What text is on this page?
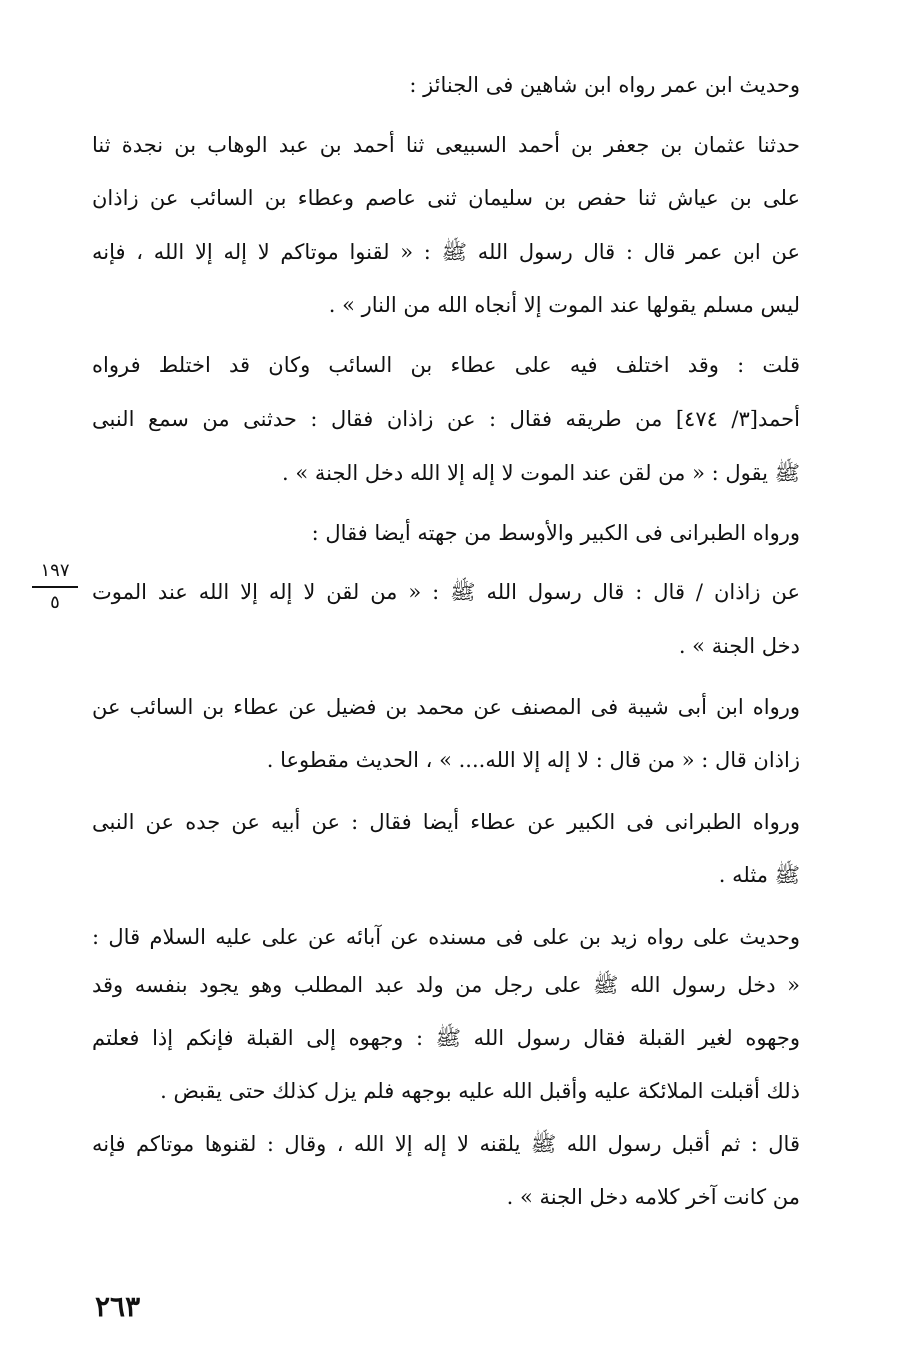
وحديث ابن عمر رواه ابن شاهين فى الجنائز :
حدثنا عثمان بن جعفر بن أحمد السبيعى ثنا أحمد بن عبد الوهاب بن نجدة ثنا
على بن عياش ثنا حفص بن سليمان ثنى عاصم وعطاء بن السائب عن زاذان
عن ابن عمر قال : قال رسول الله ﷺ : « لقنوا موتاكم لا إله إلا الله ، فإنه
ليس مسلم يقولها عند الموت إلا أنجاه الله من النار » .
قلت : وقد اختلف فيه على عطاء بن السائب وكان قد اختلط فرواه
أحمد[٣/ ٤٧٤] من طريقه فقال : عن زاذان فقال : حدثنى من سمع النبى
ﷺ يقول : « من لقن عند الموت لا إله إلا الله دخل الجنة » .
ورواه الطبرانى فى الكبير والأوسط من جهته أيضا فقال :
عن زاذان / قال : قال رسول الله ﷺ : « من لقن لا إله إلا الله عند الموت
دخل الجنة » .
ورواه ابن أبى شيبة فى المصنف عن محمد بن فضيل عن عطاء بن السائب عن
زاذان قال : « من قال : لا إله إلا الله.... » ، الحديث مقطوعا .
ورواه الطبرانى فى الكبير عن عطاء أيضا فقال : عن أبيه عن جده عن النبى
ﷺ مثله .
وحديث على رواه زيد بن على فى مسنده عن آبائه عن على عليه السلام قال :
« دخل رسول الله ﷺ على رجل من ولد عبد المطلب وهو يجود بنفسه وقد
وجهوه لغير القبلة فقال رسول الله ﷺ : وجهوه إلى القبلة فإنكم إذا فعلتم
ذلك أقبلت الملائكة عليه وأقبل الله عليه بوجهه فلم يزل كذلك حتى يقبض .
قال : ثم أقبل رسول الله ﷺ يلقنه لا إله إلا الله ، وقال : لقنوها موتاكم فإنه
من كانت آخر كلامه دخل الجنة » .
١٩٧
٥
٢٦٣
